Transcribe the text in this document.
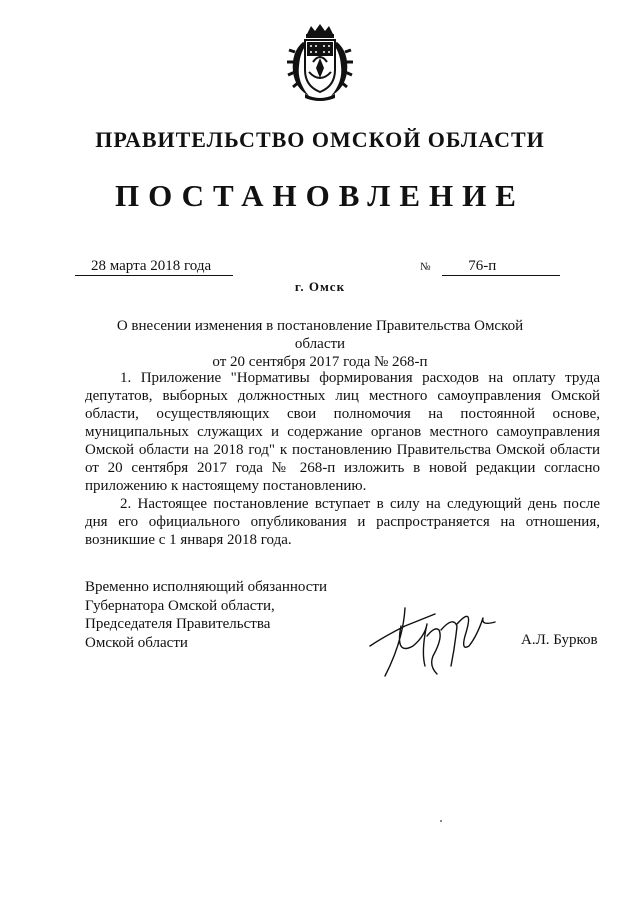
ПРАВИТЕЛЬСТВО ОМСКОЙ ОБЛАСТИ
ПОСТАНОВЛЕНИЕ
28 марта 2018 года	№	76-п
г. Омск
О внесении изменения в постановление Правительства Омской области
от 20 сентября 2017 года № 268-п

1. Приложение "Нормативы формирования расходов на оплату труда депутатов, выборных должностных лиц местного самоуправления Омской области, осуществляющих свои полномочия на постоянной основе, муниципальных служащих и содержание органов местного самоуправления Омской области на 2018 год" к постановлению Правительства Омской области от 20 сентября 2017 года № 268-п изложить в новой редакции согласно приложению к настоящему постановлению.

2. Настоящее постановление вступает в силу на следующий день после дня его официального опубликования и распространяется на отношения, возникшие с 1 января 2018 года.

Временно исполняющий обязанности
Губернатора Омской области,
Председателя Правительства
Омской области	А.Л. Бурков
